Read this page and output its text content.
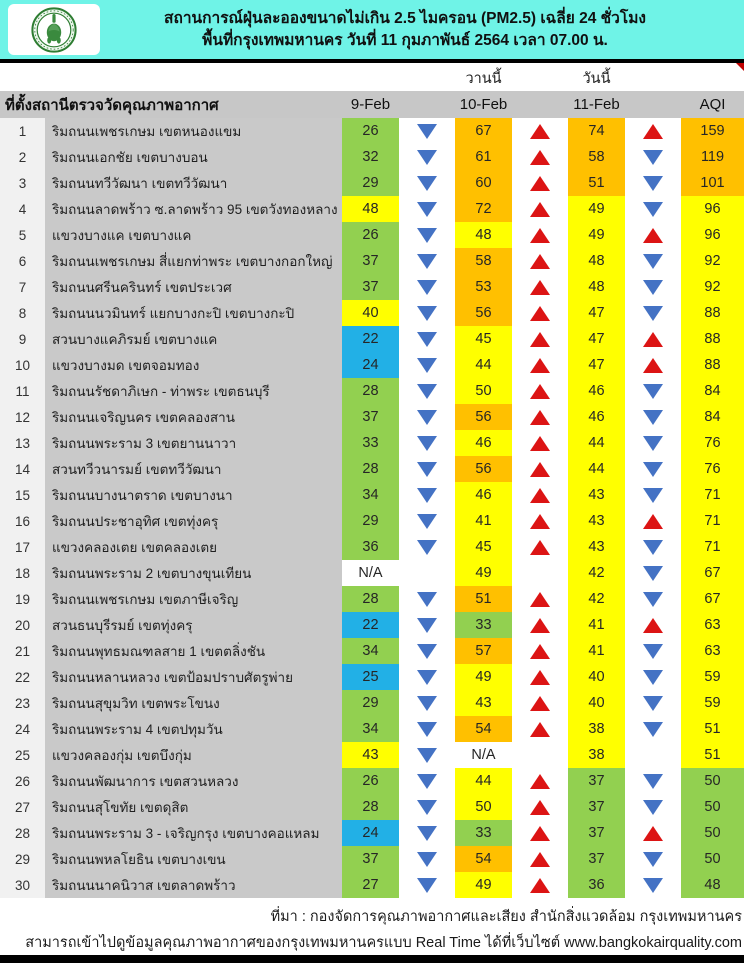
สถานการณ์ฝุ่นละอองขนาดไม่เกิน 2.5 ไมครอน (PM2.5) เฉลี่ย 24 ชั่วโมง
พื้นที่กรุงเทพมหานคร วันที่ 11 กุมภาพันธ์ 2564 เวลา 07.00 น.
วานนี้	วันนี้
ที่ตั้งสถานีตรวจวัดคุณภาพอากาศ	9-Feb	10-Feb	11-Feb	AQI
1	ริมถนนเพชรเกษม เขตหนองแขม	26	67	74	159
2	ริมถนนเอกชัย เขตบางบอน	32	61	58	119
3	ริมถนนทวีวัฒนา เขตทวีวัฒนา	29	60	51	101
4	ริมถนนลาดพร้าว ซ.ลาดพร้าว 95 เขตวังทองหลาง	48	72	49	96
5	แขวงบางแค เขตบางแค	26	48	49	96
6	ริมถนนเพชรเกษม สี่แยกท่าพระ เขตบางกอกใหญ่	37	58	48	92
7	ริมถนนศรีนครินทร์ เขตประเวศ	37	53	48	92
8	ริมถนนนวมินทร์ แยกบางกะปิ เขตบางกะปิ	40	56	47	88
9	สวนบางแคภิรมย์ เขตบางแค	22	45	47	88
10	แขวงบางมด เขตจอมทอง	24	44	47	88
11	ริมถนนรัชดาภิเษก - ท่าพระ เขตธนบุรี	28	50	46	84
12	ริมถนนเจริญนคร เขตคลองสาน	37	56	46	84
13	ริมถนนพระราม 3 เขตยานนาวา	33	46	44	76
14	สวนทวีวนารมย์ เขตทวีวัฒนา	28	56	44	76
15	ริมถนนบางนาตราด เขตบางนา	34	46	43	71
16	ริมถนนประชาอุทิศ เขตทุ่งครุ	29	41	43	71
17	แขวงคลองเตย เขตคลองเตย	36	45	43	71
18	ริมถนนพระราม 2 เขตบางขุนเทียน	N/A	49	42	67
19	ริมถนนเพชรเกษม เขตภาษีเจริญ	28	51	42	67
20	สวนธนบุรีรมย์ เขตทุ่งครุ	22	33	41	63
21	ริมถนนพุทธมณฑลสาย 1 เขตตลิ่งชัน	34	57	41	63
22	ริมถนนหลานหลวง เขตป้อมปราบศัตรูพ่าย	25	49	40	59
23	ริมถนนสุขุมวิท เขตพระโขนง	29	43	40	59
24	ริมถนนพระราม 4 เขตปทุมวัน	34	54	38	51
25	แขวงคลองกุ่ม เขตบึงกุ่ม	43	N/A	38	51
26	ริมถนนพัฒนาการ เขตสวนหลวง	26	44	37	50
27	ริมถนนสุโขทัย เขตดุสิต	28	50	37	50
28	ริมถนนพระราม 3 - เจริญกรุง เขตบางคอแหลม	24	33	37	50
29	ริมถนนพหลโยธิน เขตบางเขน	37	54	37	50
30	ริมถนนนาคนิวาส เขตลาดพร้าว	27	49	36	48
ที่มา : กองจัดการคุณภาพอากาศและเสียง สำนักสิ่งแวดล้อม กรุงเทพมหานคร
สามารถเข้าไปดูข้อมูลคุณภาพอากาศของกรุงเทพมหานครแบบ Real Time ได้ที่เว็บไซต์ www.bangkokairquality.com
